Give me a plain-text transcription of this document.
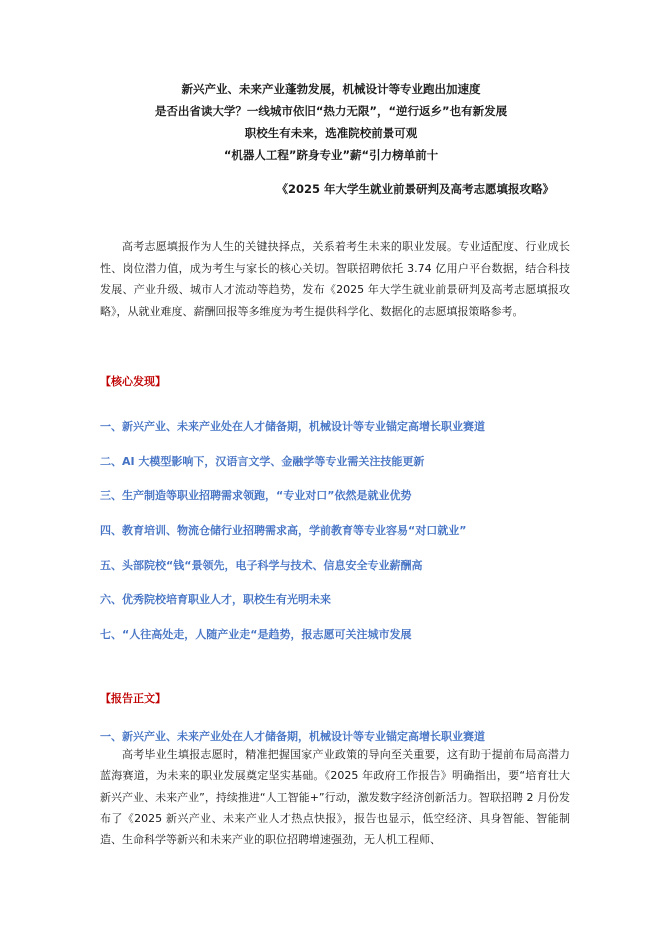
新兴产业、未来产业蓬勃发展，机械设计等专业跑出加速度
是否出省读大学？一线城市依旧“热力无限”，“逆行返乡”也有新发展
职校生有未来，选准院校前景可观
“机器人工程”跻身专业”薪“引力榜单前十
《2025 年大学生就业前景研判及高考志愿填报攻略》

高考志愿填报作为人生的关键抉择点，关系着考生未来的职业发展。专业适配度、行业成长性、岗位潜力值，成为考生与家长的核心关切。智联招聘依托 3.74 亿用户平台数据，结合科技发展、产业升级、城市人才流动等趋势，发布《2025 年大学生就业前景研判及高考志愿填报攻略》，从就业难度、薪酬回报等多维度为考生提供科学化、数据化的志愿填报策略参考。

【核心发现】
一、新兴产业、未来产业处在人才储备期，机械设计等专业锚定高增长职业赛道
二、AI 大模型影响下，汉语言文学、金融学等专业需关注技能更新
三、生产制造等职业招聘需求领跑，“专业对口”依然是就业优势
四、教育培训、物流仓储行业招聘需求高，学前教育等专业容易“对口就业”
五、头部院校“钱“景领先，电子科学与技术、信息安全专业薪酬高
六、优秀院校培育职业人才，职校生有光明未来
七、“人往高处走，人随产业走“是趋势，报志愿可关注城市发展
【报告正文】
一、新兴产业、未来产业处在人才储备期，机械设计等专业锚定高增长职业赛道

高考毕业生填报志愿时，精准把握国家产业政策的导向至关重要，这有助于提前布局高潜力蓝海赛道，为未来的职业发展奠定坚实基础。《2025 年政府工作报告》明确指出，要“培育壮大新兴产业、未来产业”，持续推进“人工智能+”行动，激发数字经济创新活力。智联招聘 2 月份发布了《2025 新兴产业、未来产业人才热点快报》，报告也显示，低空经济、具身智能、智能制造、生命科学等新兴和未来产业的职位招聘增速强劲，无人机工程师、
